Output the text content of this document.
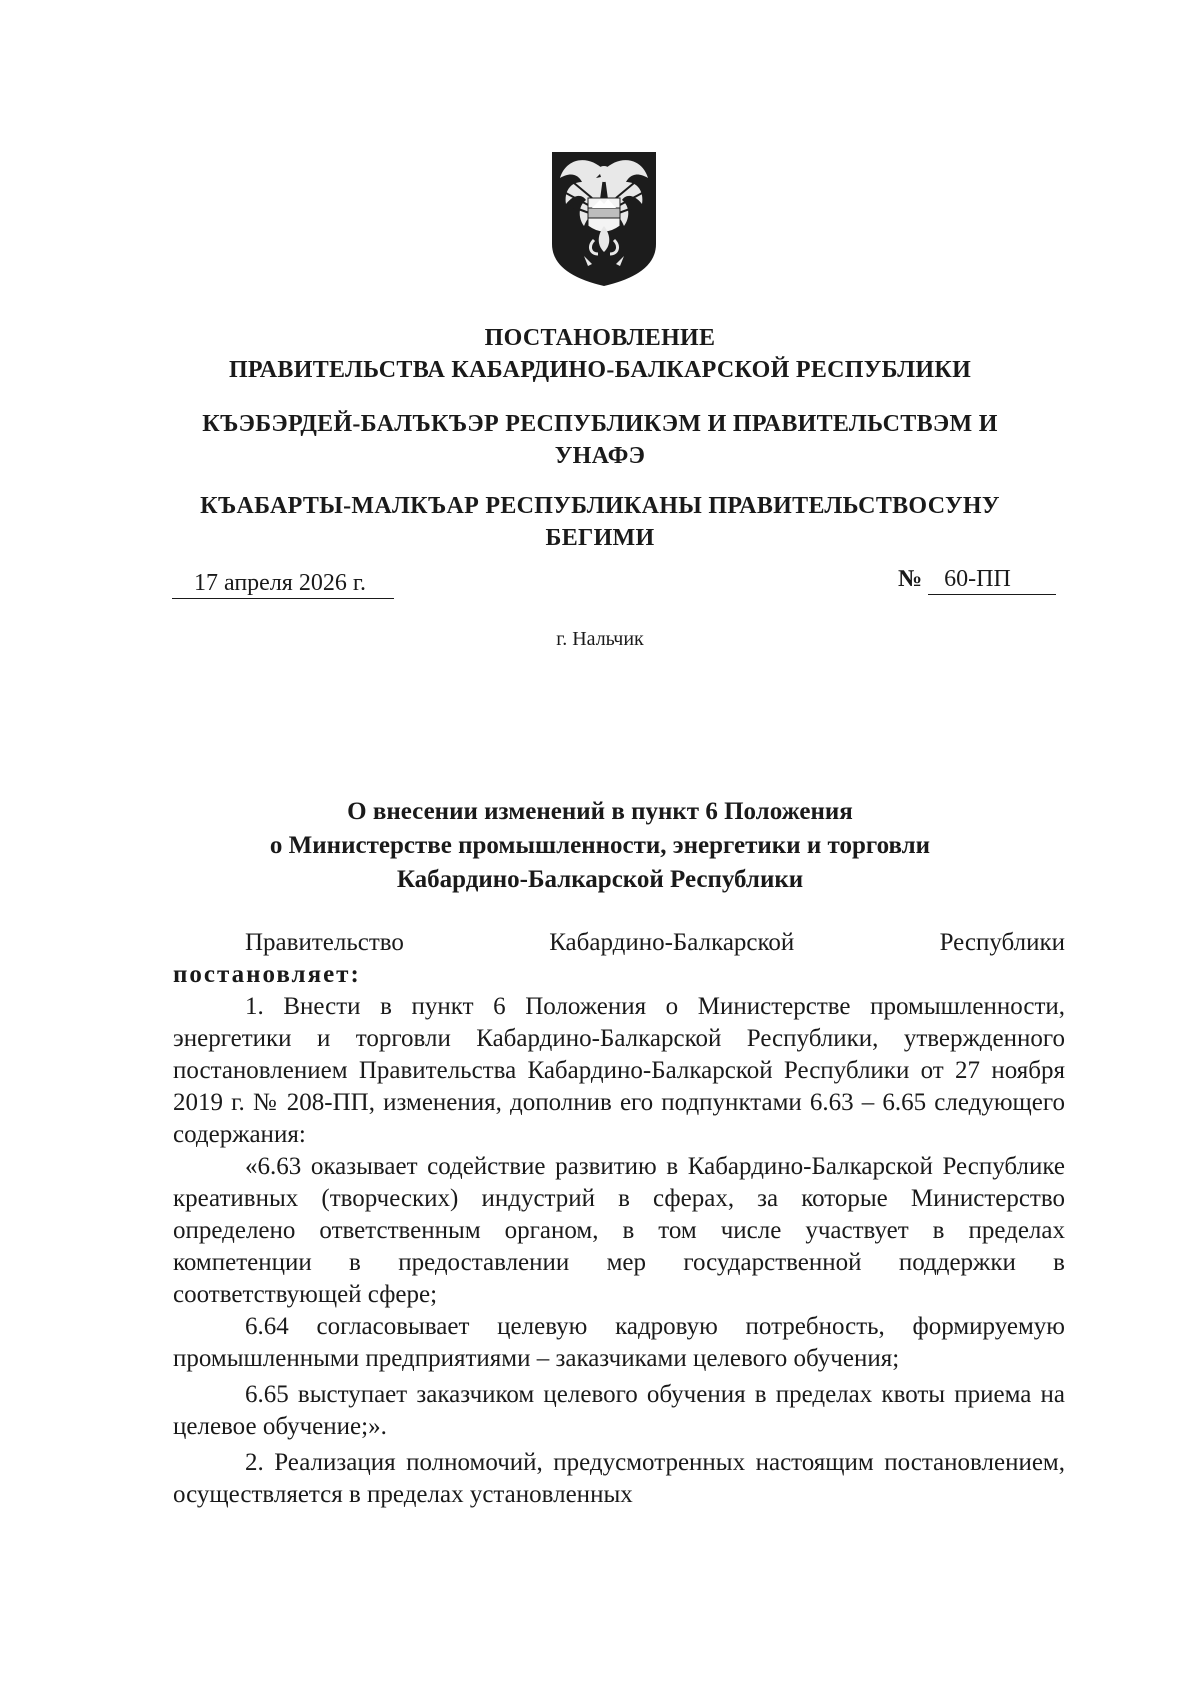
ПОСТАНОВЛЕНИЕ
ПРАВИТЕЛЬСТВА КАБАРДИНО-БАЛКАРСКОЙ РЕСПУБЛИКИ
КЪЭБЭРДЕЙ-БАЛЪКЪЭР РЕСПУБЛИКЭМ И ПРАВИТЕЛЬСТВЭМ И
УНАФЭ
КЪАБАРТЫ-МАЛКЪАР РЕСПУБЛИКАНЫ ПРАВИТЕЛЬСТВОСУНУ
БЕГИМИ
17 апреля 2026 г.	№ 60-ПП
г. Нальчик
О внесении изменений в пункт 6 Положения
о Министерстве промышленности, энергетики и торговли
Кабардино-Балкарской Республики
Правительство	Кабардино-Балкарской	Республики
постановляет:

1. Внести в пункт 6 Положения о Министерстве промышленности, энергетики и торговли Кабардино-Балкарской Республики, утвержденного постановлением Правительства Кабардино-Балкарской Республики от 27 ноября 2019 г. № 208-ПП, изменения, дополнив его подпунктами 6.63 – 6.65 следующего содержания:

«6.63 оказывает содействие развитию в Кабардино-Балкарской Республике креативных (творческих) индустрий в сферах, за которые Министерство определено ответственным органом, в том числе участвует в пределах компетенции в предоставлении мер государственной поддержки в соответствующей сфере;

6.64 согласовывает целевую кадровую потребность, формируемую промышленными предприятиями – заказчиками целевого обучения;

6.65 выступает заказчиком целевого обучения в пределах квоты приема на целевое обучение;».

2. Реализация полномочий, предусмотренных настоящим постановлением, осуществляется в пределах установленных
